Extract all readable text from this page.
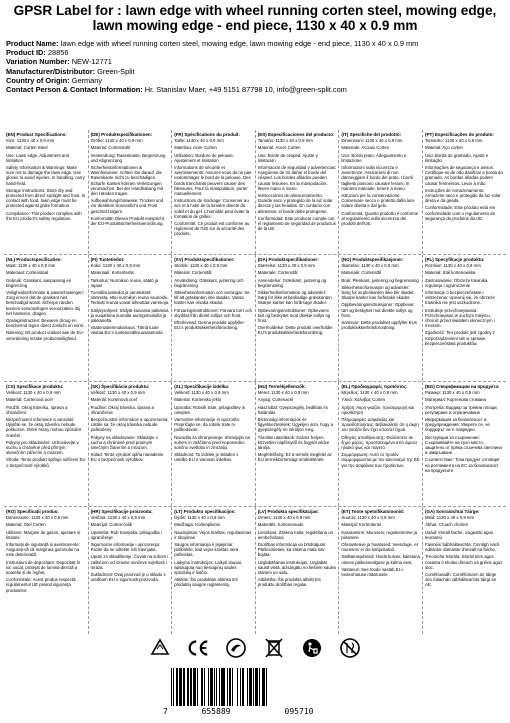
GPSR Label for : lawn edge with wheel running corten steel, mowing edge, lawn mowing edge - end piece, 1130 x 40 x 0.9 mm
Product Name: lawn edge with wheel running corten steel, mowing edge, lawn mowing edge - end piece, 1130 x 40 x 0.9 mm
Product ID: 28856
Variation Number: NEW-12771
Manufacturer/Distributor: Green-Split
Country of Origin: Germany
Contact Person & Contact Information: Hr. Stanislav Maer, +49 5151 87798 10, info@green-split.com
(EN) Product Specifications:

Size: 1130 x 40 x 0.9 mm

Material: Corten Steel

Use: Lawn edge, Adjustment and limitation

Safety Information & Warnings: Make sure not to damage the lawn edge. Use gloves to avoid injuries. In handling, carry hand-held.

Storage Instructions: Store dry and protected from direct sunlight and frost. In contact with food, lawn edge must be protected against grate formation.

Compliance: This product complies with the EU product's safety regulation.

(DE) Produktspezifikationen:

Größe: 1130 x 40 x 0,9 mm

Material: Cortenstahl

Verwendung: Rasenkante, Begrenzung und Abgrenzung

Sicherheitsinformationen & Warnhinweise: Achten Sie darauf, die Rasenkante nicht zu beschädigen. Scharfe Kanten können Verletzungen verursachen. Bei der Handhabung mit den Händen tragen.

Aufbewahrungshinweise: Trocken und vor direktem Sonnenlicht und Frost geschützt lagern.

Konformität: Dieses Produkt entspricht der EU-Produktsicherheitsverordnung.

(FR) Spécifications du produit:

Taille: 1130 x 40 x 0,9 mm

Matériau: Acier Corten

Utilisation: Bordure de pelouse, Ajustement et limitation

Informations de sécurité et avertissements: Assurez-vous de ne pas endommager le bord de la pelouse. Des bords tranchants peuvent causer des blessures. Pour la manipulation, porter manuellement.

Instructions de stockage: Conserver au sec et à l'abri de la lumière directe du soleil et du gel. L'humidité peut éviter la formation de grilles.

Conformité: Ce produit est conforme au règlement de l'UE sur la sécurité des produits.

(ES) Especificaciones del producto:

Tamaño: 1130 x 40 x 0,9 mm

Material: Acero Corten

Uso: Borde de césped, Ajuste y limitación

Información de seguridad y advertencias: Asegúrese de no dañar el borde del césped. Los bordes afilados pueden causar lesiones. En la manipulación, lleven mano a mano.

Instrucciones de almacenamiento: Guarde seco y protegido de la luz solar directa y las heladas. En contacto con alimentos, el borde debe protegerse.

Conformidad: Este producto cumple con el reglamento de seguridad de productos de la UE.

(IT) Specifiche del prodotto:

Dimensioni: 1130 x 40 x 0,9 mm

Materiale: Acciaio Corten

Uso: Bordo prato, Adeguamento e limitazione

Informazioni sulla sicurezza e avvertenze: Assicurarsi di non danneggiare il bordo del prato. I bordi taglienti possono causare lesioni. In maniera manuale, tenere a mano.

Istruzioni per la conservazione: Conservare secco e protetto dalla luce solare diretta e dal gelo.

Conformità: Questo prodotto è conforme al regolamento sulla sicurezza dei prodotti dell'UE.

(PT) Especificações do produto:

Tamanho: 1130 x 40 x 0,9 mm

Material: Aço corten

Uso: Borda do gramado, Ajuste e limitação

Informações de segurança e avisos: Certifique-se de não danificar a borda do gramado. As bordas afiadas podem causar ferimentos. Levar à mão.

Instruções de Armazenamento: Armazene seco e protegido da luz solar direta e da geada.

Conformidade: Este produto está em conformidade com o regulamento de segurança de produtos da UE.

(NL) Productspecificaties:

Maat: 1130 x 40 x 0,9 mm

Materiaal: Cortenstaal

Gebruik: Graskant, aanpassing en begrenzing

Veiligheidsinformatie & waarschuwingen: Zorg ervoor dat de graskant niet beschadigd wordt. Scherpe randen kunnen verwondingen veroorzaken. Bij het hanteren, dragen.

Opslaginstructies: Bewaren droog en beschermd tegen direct zonlicht en vorst.

Naleving: Dit product voldoet aan de EU-verordening inzake productveiligheid.

(FI) Tuotetiedot:

Koko: 1130 x 40 x 0,9 mm

Materiaali: Kortenteräs

Tarkoitus: Nurmikon reuna, säätö ja rajaus

Turvallisuustiedot ja varoitukset: Varmista, ettei nurmikon reuna vaurioidu. Terävät reunat voivat aiheuttaa vammoja.

Säilytysohjeet: Säilytä kuivassa paikassa ja suojattuna suoralta auringonvalolta ja pakkaselta.

Vaatimustenmukaisuus: Tämä tuote vastaa EU:n tuoteturvallisuusasetusta.

(SV) Produktspecifikationer:

Storlek: 1130 x 40 x 0,9 mm

Material: Cortenstål

Användning: Gräskant, justering och begränsning

Säkerhetsinformation och varningar: Se till att gräskanten inte skadas. Vassa kanter kan orsaka skador.

Förvaringsinstruktioner: Förvara torrt och skyddat från direkt solljus och frost.

Efterlevnad: Denna produkt uppfyller EU:s produktsäkerhetsförordning.

(DA) Produktspecifikationer:

Størrelse: 1130 x 40 x 0,9 mm

Materiale: Cortenstål

Anvendelse: Græskant, justering og begrænsning

Sikkerhedsinformation og advarsler: Sørg for ikke at beskadige græskanten. Skarpe kanter kan forårsage skader.

Opbevaringsinstruktioner: Opbevares tørt og beskyttet mod direkte sollys og frost.

Overholdelse: Dette produkt overholder EU's produktsikkerhedsforordning.

(NO) Produktspesifikasjoner:

Størrelse: 1130 x 40 x 0,9 mm

Materiale: Cortenstål

Bruk: Plenkant, justering og begrensning

Sikkerhetsinformasjon og advarsler: Sørg for at plenkanten ikke blir skadet. Skarpe kanter kan forårsake skader.

Oppbevaringsinstruksjoner: Oppbevar tørt og beskyttet mot direkte sollys og frost.

Samsvar: Dette produktet oppfyller EUs produktsikkerhetsforordning.

(PL) Specyfikacje produktu:

Rozmiar: 1130 x 40 x 0,9 mm

Materiał: Stal kortenowska

Zastosowanie: Obrzeże trawnika, regulacja i ograniczenie

Informacje o bezpieczeństwie i ostrzeżenia: Upewnij się, że obrzeże trawnika nie jest uszkodzone.

Instrukcje przechowywania: Przechowywać w suchym miejscu, chronić przed światłem słonecznym i mrozem.

Zgodność: Ten produkt jest zgodny z rozporządzeniem UE w sprawie bezpieczeństwa produktów.

(CS) Specifikace produktu:

Velikost: 1130 x 40 x 0,9 mm

Materiál: Cortenová ocel

Použití: Okraj trávníku, úprava a ohraničení

Bezpečnostní informace a varování: Ujistěte se, že okraj trávníku nebude poškozen. Ostré hrany mohou způsobit zranění.

Pokyny pro skladování: Uchovávejte v suchu a chráněné před přímým slunečním zářením a mrazem.

Shoda: Tento produkt splňuje nařízení EU o bezpečnosti výrobků.

(SK) Špecifikácie produktu:

Veľkosť: 1130 x 40 x 0,9 mm

Materiál: Kortenová oceľ

Použitie: Okraj trávnika, úprava a ohraničenie

Bezpečnostné informácie a upozornenia: Uistite sa, že okraj trávnika nebude poškodený.

Pokyny na skladovanie: Skladujte v suchu a chránené pred priamym slnečným žiarením a mrazom.

Súlad: Tento výrobok spĺňa nariadenie EÚ o bezpečnosti výrobkov.

(SL) Specifikacije izdelka:

Velikost: 1130 x 40 x 0,9 mm

Material: Kortensko jeklo

Uporaba: Robnik trate, prilagoditev in omejitev

Varnostne informacije in opozorila: Prepričajte se, da robnik trate ni poškodovan.

Navodila za shranjevanje: Shranjujte na suhem in zaščiteno pred neposredno sončno svetlobo in zmrzaljo.

Skladnost: Ta izdelek je skladen z uredbo EU o varnosti izdelkov.

(HU) Termékjellemzők:

Méret: 1130 x 40 x 0,9 mm

Anyag: Cortenacél

Használat: Gyepszegély, beállítás és határolás

Biztonsági információk és figyelmeztetések: Ügyeljen arra, hogy a gyepszegély ne sérüljön meg.

Tárolási utasítások: Száraz helyen, közvetlen napfénytől és fagytól védve tárolja.

Megfelelőség: Ez a termék megfelel az EU termékbiztonsági rendeletének.

(EL) Προδιαγραφές προϊόντος:

Μέγεθος: 1130 x 40 x 0,9 mm

Υλικό: Χάλυβας Corten

Χρήση: Άκρη γκαζόν, προσαρμογή και οριοθέτηση

Πληροφορίες ασφαλείας και προειδοποιήσεις: Βεβαιωθείτε ότι η άκρη του γκαζόν δεν έχει υποστεί ζημιά.

Οδηγίες αποθήκευσης: Φυλάσσετε σε ξηρό μέρος, προστατευμένο από άμεσο ηλιακό φως και παγετό.

Συμμόρφωση: Αυτό το προϊόν συμμορφώνεται με τον κανονισμό της ΕΕ για την ασφάλεια των προϊόντων.

(BG) Спецификации на продукта:

Размер: 1130 x 40 x 0,9 mm

Материал: Кортенова стомана

Употреба: Бордюр за тревни площи, регулиране и ограничаване

Информация за безопасност и предупреждения: Уверете се, че бордюрът не е повреден.

Инструкции за съхранение: Съхранявайте на сухо място, защитено от пряка слънчева светлина и замръзване.

Съответствие: Този продукт отговаря на регламента на ЕС за безопасност на продуктите.

(RO) Specificații produs:

Dimensiune: 1130 x 40 x 0,9 mm

Material: Oțel Corten

Utilizare: Margine de gazon, ajustare și limitare

Informații de siguranță și avertismente: Asigurați-vă că marginea gazonului nu este deteriorată.

Instrucțiuni de depozitare: Depozitați în loc uscat, protejat de lumina directă a soarelui și de îngheț.

Conformitate: Acest produs respectă regulamentul UE privind siguranța produselor.

(HR) Specifikacije proizvoda:

Veličina: 1130 x 40 x 0,9 mm

Materijal: Corten čelik

Upotreba: Rub travnjaka, prilagodba i ograničenje

Sigurnosne informacije i upozorenja: Pazite da ne oštetite rub travnjaka.

Upute za skladištenje: Čuvati na suhom i zaštićeno od izravne sunčeve svjetlosti i mraza.

Sukladnost: Ovaj proizvod je u skladu s uredbom EU o sigurnosti proizvoda.

(LT) Produkto specifikacijos:

Dydis: 1130 x 40 x 0,9 mm

Medžiaga: Kortenplienis

Naudojimas: Vejos kraštas, reguliavimas ir ribojimas

Saugos informacija ir įspėjimai: Įsitikinkite, kad vejos kraštas nėra pažeistas.

Laikymo instrukcijos: Laikyti sausai, apsaugotą nuo tiesioginių saulės spindulių ir šalčio.

Atitiktis: Šis produktas atitinka ES produktų saugos reglamentą.

(LV) Produkta specifikācijas:

Izmērs: 1130 x 40 x 0,9 mm

Materiāls: Kortenerauds

Lietošana: Zāliena mala, regulēšana un ierobežošana

Drošības informācija un brīdinājumi: Pārliecinieties, ka zāliena mala nav bojāta.

Uzglabāšanas instrukcijas: Uzglabāt sausā vietā, aizsargātu no tiešiem saules stariem un sala.

Atbilstība: Šis produkts atbilst ES produktu drošības regulai.

(ET) Toote spetsifikatsioonid:

Suurus: 1130 x 40 x 0,9 mm

Materjal: Kortenteras

Kasutamine: Muruserv, reguleerimine ja piiramine

Ohutusteave ja hoiatused: Veenduge, et muruserv ei ole kahjustatud.

Säilitamisjuhised: Hoida kuivas, kaitstuna otsese päikesevalguse ja külma eest.

Vastavus: See toode vastab EL-i tooteohutuse määrusele.

(GA) Sonraíochtaí Táirge:

Méid: 1130 x 40 x 0,9 mm

Ábhar: Cruach chorten

Úsáid: Imeall faiche, coigeartú agus teorannú

Faisnéis Sábháilteachta: Cinntigh nach ndéantar damáiste d'imeall na faiche.

Treoracha Stórála: Stóráil tirim agus cosanta ó sholas díreach na gréine agus sioc.

Comhlíonadh: Comhlíonann an táirge seo rialachán sábháilteachta táirgí an AE.

7	655889	095710
